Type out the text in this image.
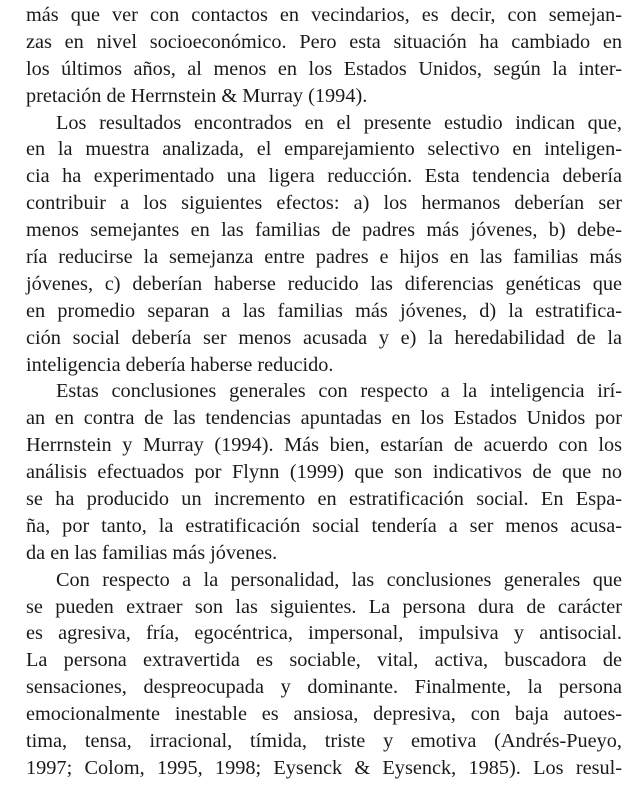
más que ver con contactos en vecindarios, es decir, con semejan-
zas en nivel socioeconómico. Pero esta situación ha cambiado en
los últimos años, al menos en los Estados Unidos, según la inter-
pretación de Herrnstein & Murray (1994).
Los resultados encontrados en el presente estudio indican que,
en la muestra analizada, el emparejamiento selectivo en inteligen-
cia ha experimentado una ligera reducción. Esta tendencia debería
contribuir a los siguientes efectos: a) los hermanos deberían ser
menos semejantes en las familias de padres más jóvenes, b) debe-
ría reducirse la semejanza entre padres e hijos en las familias más
jóvenes, c) deberían haberse reducido las diferencias genéticas que
en promedio separan a las familias más jóvenes, d) la estratifica-
ción social debería ser menos acusada y e) la heredabilidad de la
inteligencia debería haberse reducido.
Estas conclusiones generales con respecto a la inteligencia irí-
an en contra de las tendencias apuntadas en los Estados Unidos por
Herrnstein y Murray (1994). Más bien, estarían de acuerdo con los
análisis efectuados por Flynn (1999) que son indicativos de que no
se ha producido un incremento en estratificación social. En Espa-
ña, por tanto, la estratificación social tendería a ser menos acusa-
da en las familias más jóvenes.
Con respecto a la personalidad, las conclusiones generales que
se pueden extraer son las siguientes. La persona dura de carácter
es agresiva, fría, egocéntrica, impersonal, impulsiva y antisocial.
La persona extravertida es sociable, vital, activa, buscadora de
sensaciones, despreocupada y dominante. Finalmente, la persona
emocionalmente inestable es ansiosa, depresiva, con baja autoes-
tima, tensa, irracional, tímida, triste y emotiva (Andrés-Pueyo,
1997; Colom, 1995, 1998; Eysenck & Eysenck, 1985). Los resul-
